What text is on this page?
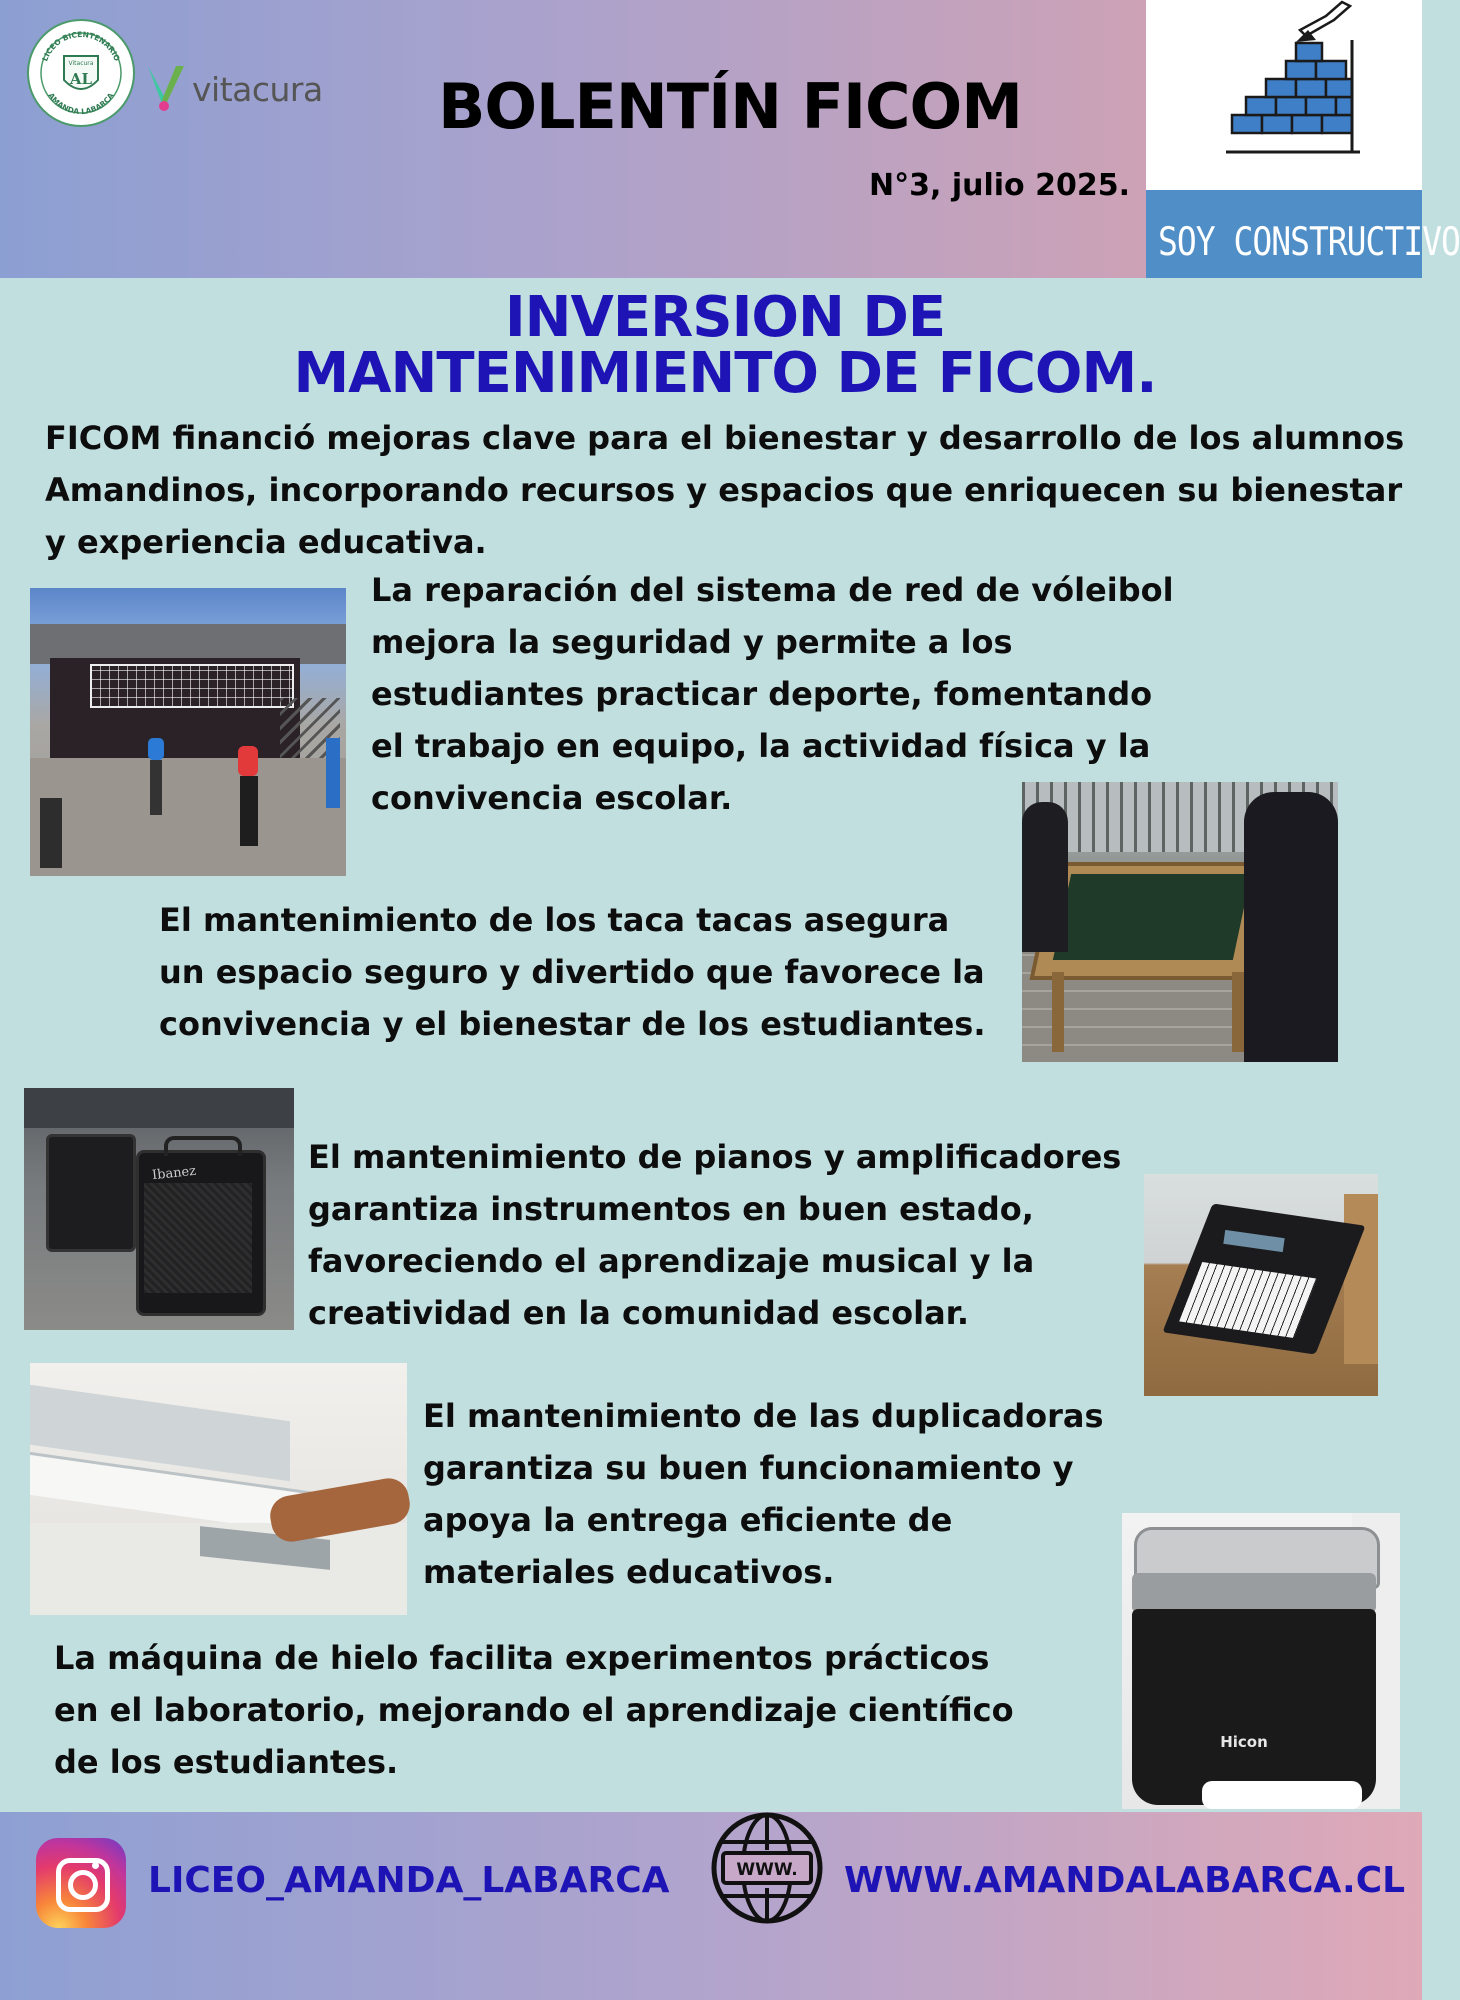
LICEO BICENTENARIO
AMANDA LABARCA
Vitacura
AL	vitacura	BOLENTÍN FICOM
N°3, julio 2025.
SOY CONSTRUCTIVO
INVERSION DE
MANTENIMIENTO DE FICOM.
FICOM financió mejoras clave para el bienestar y desarrollo de los alumnos
Amandinos, incorporando recursos y espacios que enriquecen su bienestar
y experiencia educativa.
La reparación del sistema de red de vóleibol
mejora la seguridad y permite a los
estudiantes practicar deporte, fomentando
el trabajo en equipo, la actividad física y la
convivencia escolar.
El mantenimiento de los taca tacas asegura
un espacio seguro y divertido que favorece la
convivencia y el bienestar de los estudiantes.
Ibanez	El mantenimiento de pianos y amplificadores
garantiza instrumentos en buen estado,
favoreciendo el aprendizaje musical y la
creatividad en la comunidad escolar.
El mantenimiento de las duplicadoras
garantiza su buen funcionamiento y
apoya la entrega eficiente de
materiales educativos.
Hicon
La máquina de hielo facilita experimentos prácticos
en el laboratorio, mejorando el aprendizaje científico
de los estudiantes.
LICEO_AMANDA_LABARCA	WWW. WWW.AMANDALABARCA.CL
